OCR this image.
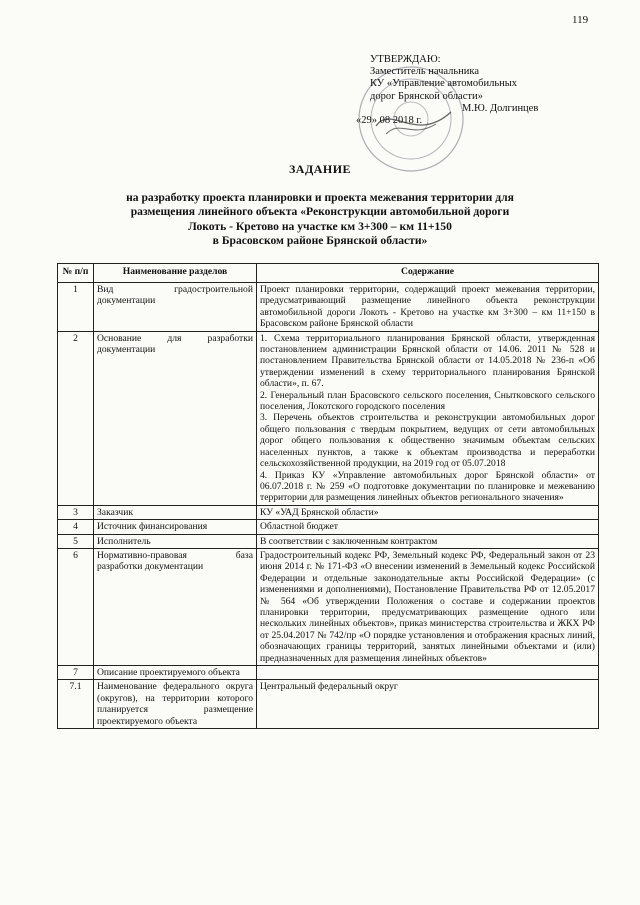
119
УТВЕРЖДАЮ:
Заместитель начальника
КУ «Управление автомобильных
дорог Брянской области»
М.Ю. Долгинцев
«29» 08 2018 г.
ЗАДАНИЕ
на разработку проекта планировки и проекта межевания территории для
размещения линейного объекта «Реконструкции автомобильной дороги
Локоть - Кретово на участке км 3+300 – км 11+150
в Брасовском районе Брянской области»
№ п/п	Наименование разделов	Содержание
1	Вид градостроительной документации	Проект планировки территории, содержащий проект межевания территории, предусматривающий размещение линейного объекта реконструкции автомобильной дороги Локоть - Кретово на участке км 3+300 – км 11+150 в Брасовском районе Брянской области
2	Основание для разработки документации	1. Схема территориального планирования Брянской области, утвержденная постановлением администрации Брянской области от 14.06. 2011 № 528 и постановлением Правительства Брянской области от 14.05.2018 № 236-п «Об утверждении изменений в схему территориального планирования Брянской области», п. 67.
2. Генеральный план Брасовского сельского поселения, Сныткoвского сельского поселения, Локотского городского поселения
3. Перечень объектов строительства и реконструкции автомобильных дорог общего пользования с твердым покрытием, ведущих от сети автомобильных дорог общего пользования к общественно значимым объектам сельских населенных пунктов, а также к объектам производства и переработки сельскохозяйственной продукции, на 2019 год от 05.07.2018
4. Приказ КУ «Управление автомобильных дорог Брянской области» от 06.07.2018 г. № 259 «О подготовке документации по планировке и межеванию территории для размещения линейных объектов регионального значения»

3	Заказчик	КУ «УАД Брянской области»
4	Источник финансирования	Областной бюджет
5	Исполнитель	В соответствии с заключенным контрактом
6	Нормативно-правовая база разработки документации	Градостроительный кодекс РФ, Земельный кодекс РФ, Федеральный закон от 23 июня 2014 г. № 171-ФЗ «О внесении изменений в Земельный кодекс Российской Федерации и отдельные законодательные акты Российской Федерации» (с изменениями и дополнениями), Постановление Правительства РФ от 12.05.2017 № 564 «Об утверждении Положения о составе и содержании проектов планировки территории, предусматривающих размещение одного или нескольких линейных объектов», приказ министерства строительства и ЖКХ РФ от 25.04.2017 № 742/пр «О порядке установления и отображения красных линий, обозначающих границы территорий, занятых линейными объектами и (или) предназначенных для размещения линейных объектов»
7	Описание проектируемого объекта	
7.1	Наименование федерального округа (округов), на территории которого планируется размещение проектируемого объекта	Центральный федеральный округ
